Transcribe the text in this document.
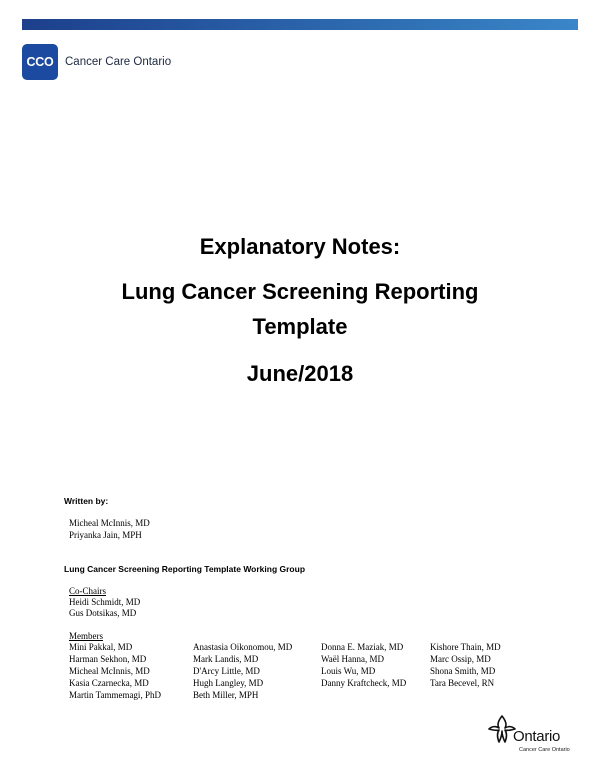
CCO	Cancer Care Ontario
Explanatory Notes:
Lung Cancer Screening Reporting
Template
June/2018
Written by:
Micheal McInnis, MD
Priyanka Jain, MPH
Lung Cancer Screening Reporting Template Working Group
Co-Chairs
Heidi Schmidt, MD
Gus Dotsikas, MD
Members
Mini Pakkal, MD
Harman Sekhon, MD
Micheal McInnis, MD
Kasia Czarnecka, MD
Martin Tammemagi, PhD
Anastasia Oikonomou, MD
Mark Landis, MD
D'Arcy Little, MD
Hugh Langley, MD
Beth Miller, MPH
Donna E. Maziak, MD
Waël Hanna, MD
Louis Wu, MD
Danny Kraftcheck, MD
Kishore Thain, MD
Marc Ossip, MD
Shona Smith, MD
Tara Becevel, RN
Ontario
Cancer Care Ontario
